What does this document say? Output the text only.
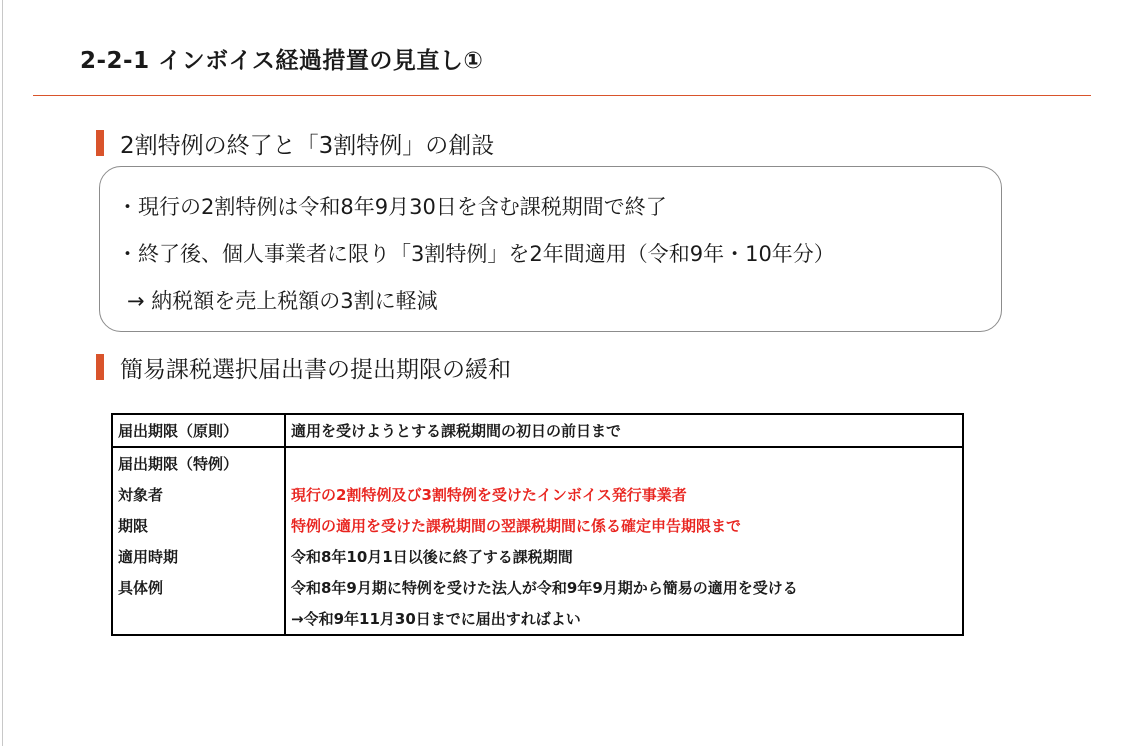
2-2-1 インボイス経過措置の見直し①
2割特例の終了と「3割特例」の創設
・現行の2割特例は令和8年9月30日を含む課税期間で終了
・終了後、個人事業者に限り「3割特例」を2年間適用（令和9年・10年分）
→ 納税額を売上税額の3割に軽減
簡易課税選択届出書の提出期限の緩和
届出期限（原則）	適用を受けようとする課税期間の初日の前日まで
届出期限（特例）	
対象者	現行の2割特例及び3割特例を受けたインボイス発行事業者
期限	特例の適用を受けた課税期間の翌課税期間に係る確定申告期限まで
適用時期	令和8年10月1日以後に終了する課税期間
具体例	令和8年9月期に特例を受けた法人が令和9年9月期から簡易の適用を受ける
	→令和9年11月30日までに届出すればよい
